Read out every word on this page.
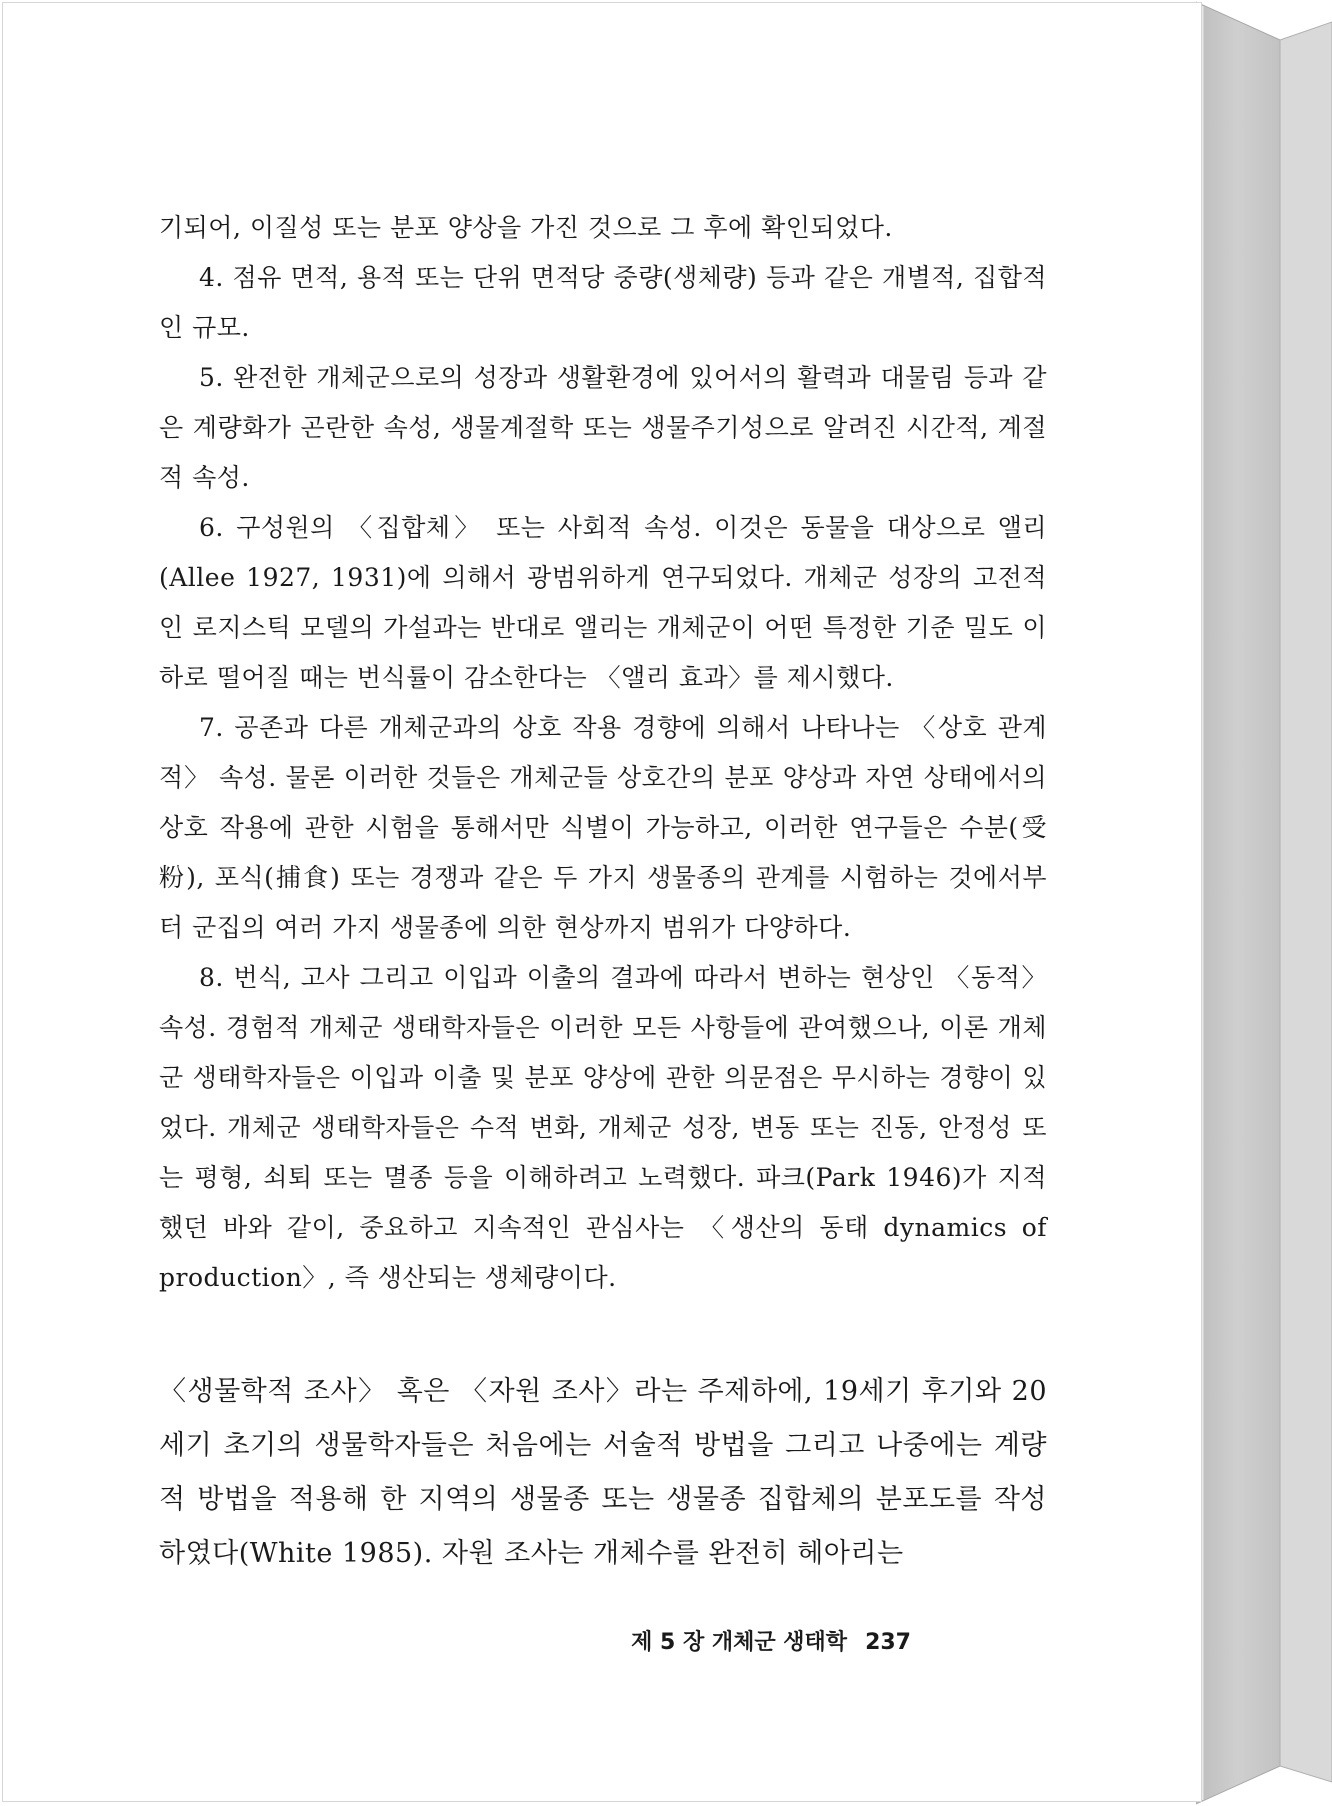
기되어, 이질성 또는 분포 양상을 가진 것으로 그 후에 확인되었다.

4. 점유 면적, 용적 또는 단위 면적당 중량(생체량) 등과 같은 개별적, 집합적인 규모.

5. 완전한 개체군으로의 성장과 생활환경에 있어서의 활력과 대물림 등과 같은 계량화가 곤란한 속성, 생물계절학 또는 생물주기성으로 알려진 시간적, 계절적 속성.

6. 구성원의 〈집합체〉 또는 사회적 속성. 이것은 동물을 대상으로 앨리(Allee 1927, 1931)에 의해서 광범위하게 연구되었다. 개체군 성장의 고전적인 로지스틱 모델의 가설과는 반대로 앨리는 개체군이 어떤 특정한 기준 밀도 이하로 떨어질 때는 번식률이 감소한다는 〈앨리 효과〉를 제시했다.

7. 공존과 다른 개체군과의 상호 작용 경향에 의해서 나타나는 〈상호 관계적〉 속성. 물론 이러한 것들은 개체군들 상호간의 분포 양상과 자연 상태에서의 상호 작용에 관한 시험을 통해서만 식별이 가능하고, 이러한 연구들은 수분(受粉), 포식(捕食) 또는 경쟁과 같은 두 가지 생물종의 관계를 시험하는 것에서부터 군집의 여러 가지 생물종에 의한 현상까지 범위가 다양하다.

8. 번식, 고사 그리고 이입과 이출의 결과에 따라서 변하는 현상인 〈동적〉 속성. 경험적 개체군 생태학자들은 이러한 모든 사항들에 관여했으나, 이론 개체군 생태학자들은 이입과 이출 및 분포 양상에 관한 의문점은 무시하는 경향이 있었다. 개체군 생태학자들은 수적 변화, 개체군 성장, 변동 또는 진동, 안정성 또는 평형, 쇠퇴 또는 멸종 등을 이해하려고 노력했다. 파크(Park 1946)가 지적했던 바와 같이, 중요하고 지속적인 관심사는 〈생산의 동태 dynamics of production〉, 즉 생산되는 생체량이다.

〈생물학적 조사〉 혹은 〈자원 조사〉라는 주제하에, 19세기 후기와 20세기 초기의 생물학자들은 처음에는 서술적 방법을 그리고 나중에는 계량적 방법을 적용해 한 지역의 생물종 또는 생물종 집합체의 분포도를 작성하였다(White 1985). 자원 조사는 개체수를 완전히 헤아리는

제 5 장 개체군 생태학 237
